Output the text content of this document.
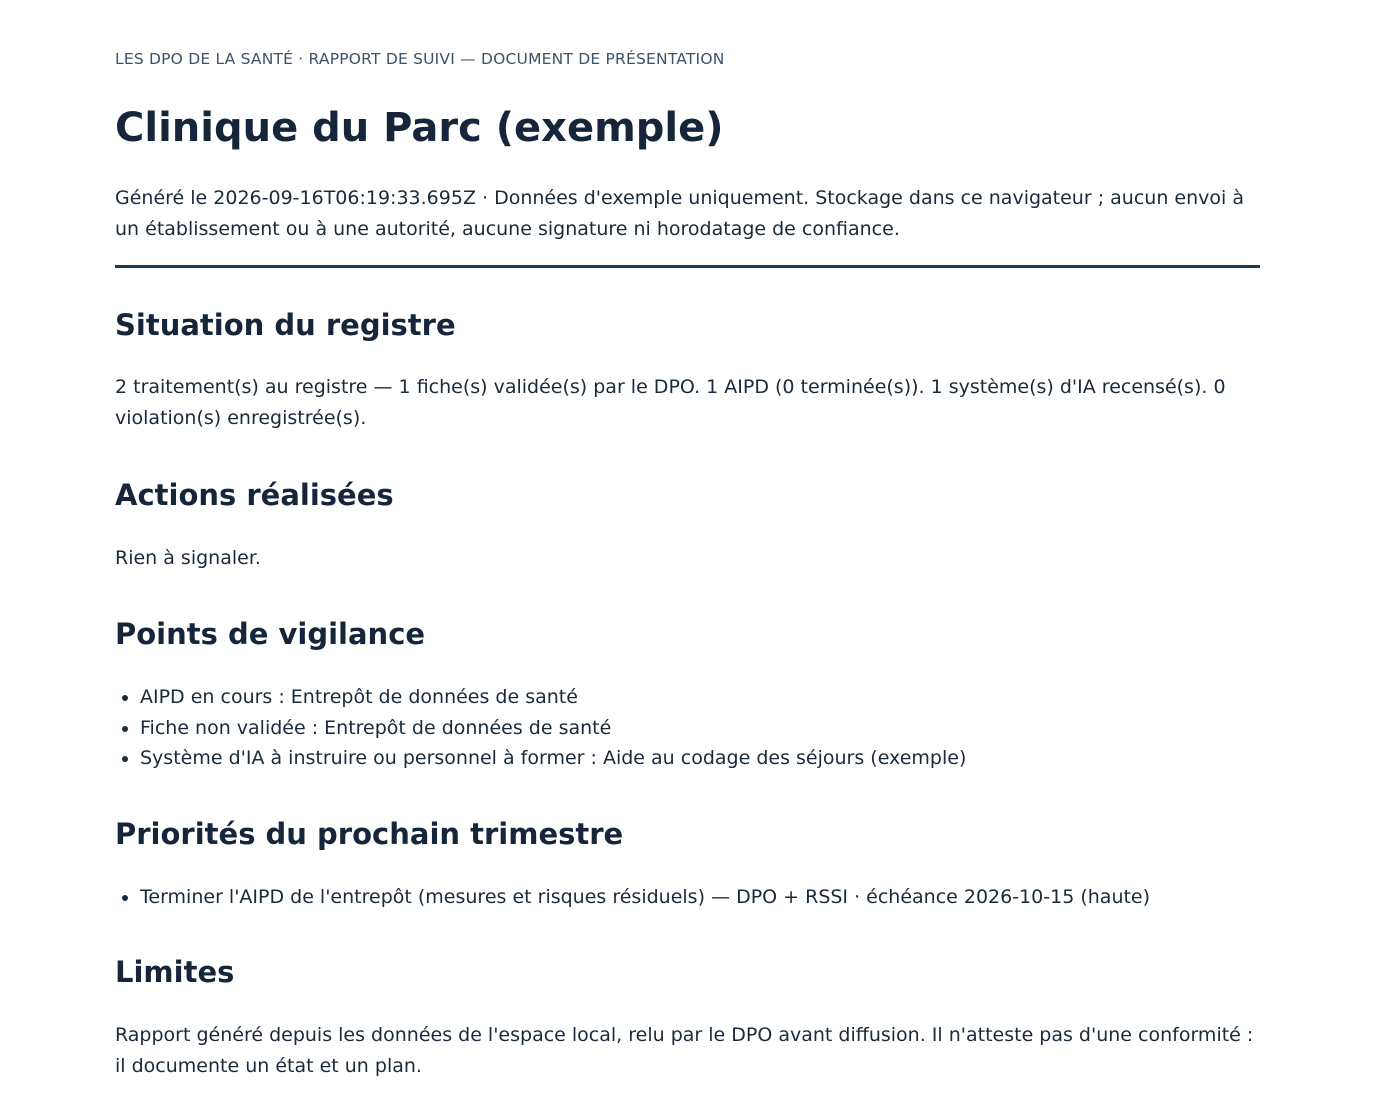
LES DPO DE LA SANTÉ · RAPPORT DE SUIVI — DOCUMENT DE PRÉSENTATION

Clinique du Parc (exemple)

Généré le 2026-09-16T06:19:33.695Z · Données d'exemple uniquement. Stockage dans ce navigateur ; aucun envoi à un établissement ou à une autorité, aucune signature ni horodatage de confiance.

Situation du registre

2 traitement(s) au registre — 1 fiche(s) validée(s) par le DPO. 1 AIPD (0 terminée(s)). 1 système(s) d'IA recensé(s). 0 violation(s) enregistrée(s).

Actions réalisées

Rien à signaler.

Points de vigilance
• AIPD en cours : Entrepôt de données de santé
• Fiche non validée : Entrepôt de données de santé
• Système d'IA à instruire ou personnel à former : Aide au codage des séjours (exemple)
Priorités du prochain trimestre
• Terminer l'AIPD de l'entrepôt (mesures et risques résiduels) — DPO + RSSI · échéance 2026-10-15 (haute)
Limites

Rapport généré depuis les données de l'espace local, relu par le DPO avant diffusion. Il n'atteste pas d'une conformité : il documente un état et un plan.
